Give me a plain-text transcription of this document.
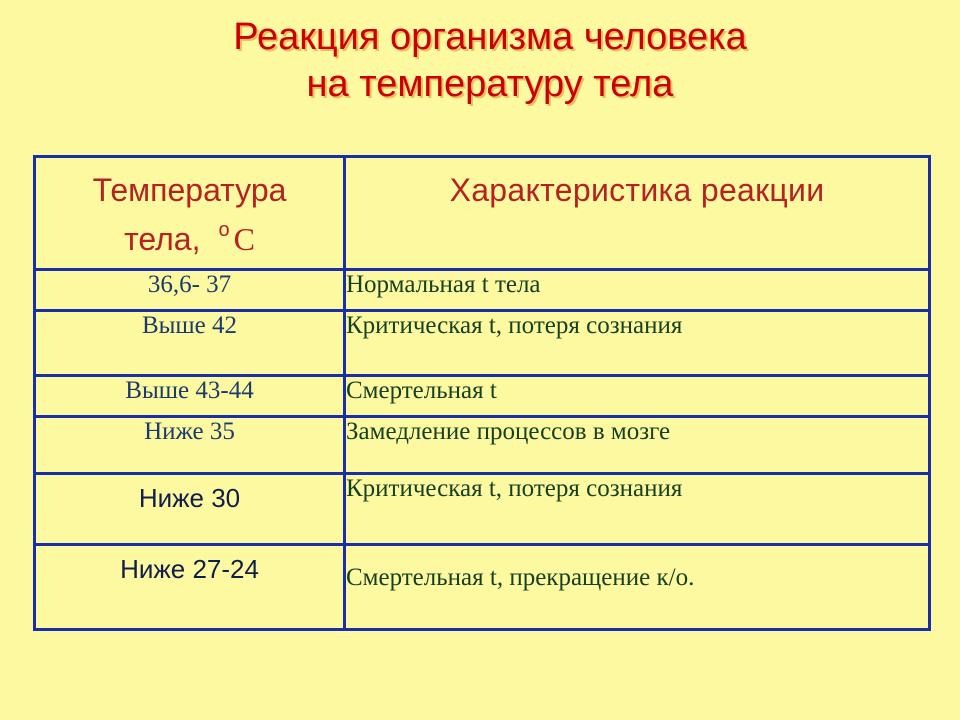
Реакция организма человека
на температуру тела
Температура
тела, $^о$ С	Характеристика реакции
36,6- 37	Нормальная t тела
Выше 42	Критическая t, потеря сознания
Выше 43-44	Смертельная t
Ниже 35	Замедление процессов в мозге
Ниже 30	Критическая t, потеря сознания
Ниже 27-24	Смертельная t, прекращение к/о.
